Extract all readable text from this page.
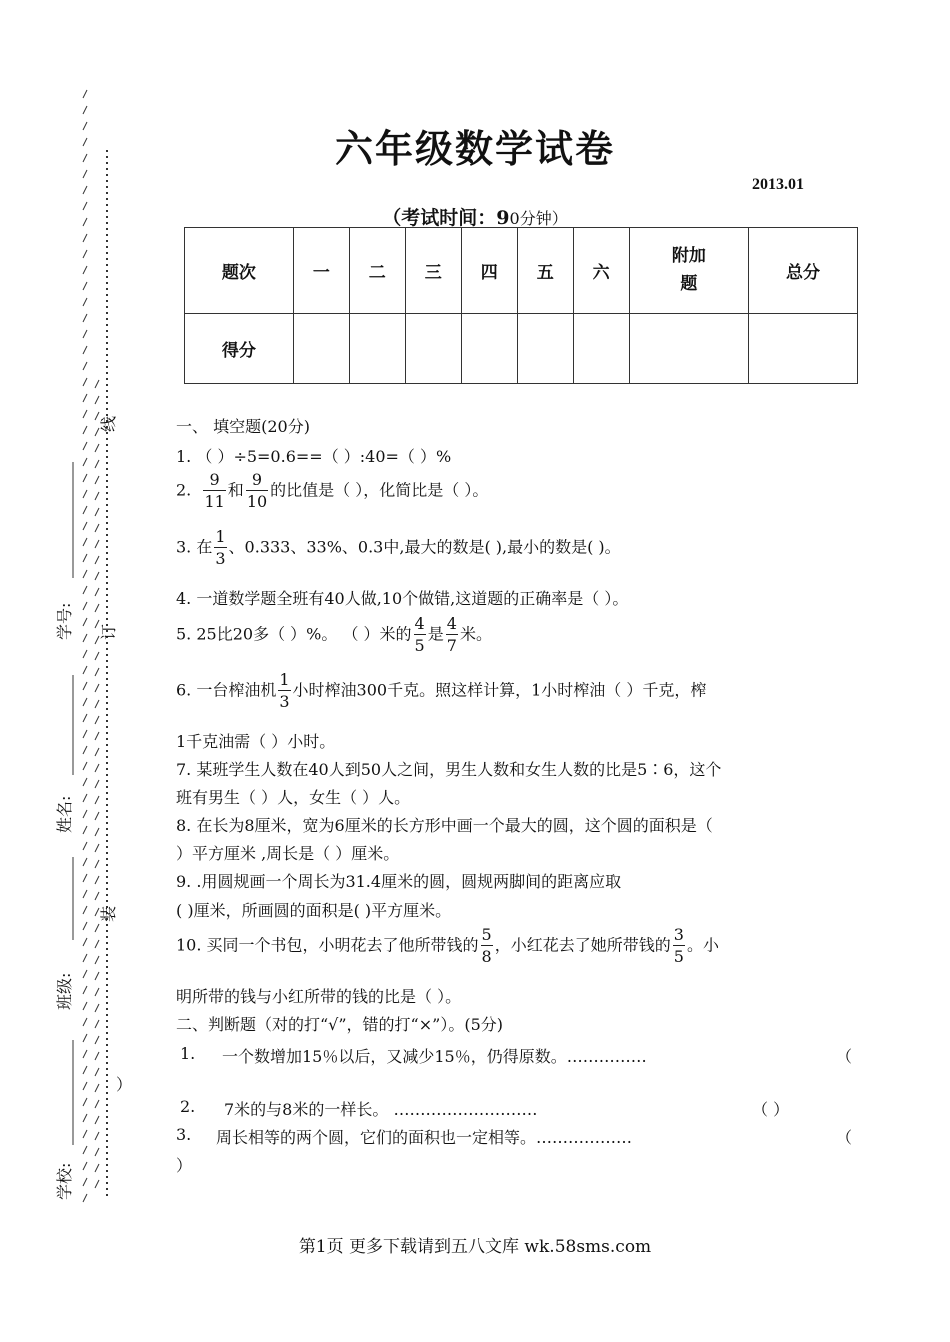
线
订
装
学号:
姓名:
班级:
学校:
六年级数学试卷
2013.01
（考试时间：90分钟）
题次	一	二	三	四	五	六	附加题	总分
得分								
一、 填空题(20分)
1. （ ）÷5=0.6==（ ）:40=（ ）%
2. $\frac{9}{11}$ 和 $\frac{9}{10}$ 的比值是（ ），化简比是（ ）。
3. 在 $\frac{1}{3}$ 、0.333、33%、0.3中,最大的数是( ),最小的数是( )。
4. 一道数学题全班有40人做,10个做错,这道题的正确率是（ ）。
5. 25比20多（ ）%。 （ ）米的 $\frac{4}{5}$ 是 $\frac{4}{7}$ 米。
6. 一台榨油机 $\frac{1}{3}$ 小时榨油300千克。照这样计算，1小时榨油（ ）千克，榨
1千克油需（ ）小时。
7. 某班学生人数在40人到50人之间，男生人数和女生人数的比是5∶6，这个
班有男生（ ）人，女生（ ）人。
8. 在长为8厘米，宽为6厘米的长方形中画一个最大的圆，这个圆的面积是（
）平方厘米 ,周长是（ ）厘米。
9. .用圆规画一个周长为31.4厘米的圆，圆规两脚间的距离应取
( )厘米，所画圆的面积是( )平方厘米。
10. 买同一个书包，小明花去了他所带钱的 $\frac{5}{8}$ ，小红花去了她所带钱的 $\frac{3}{5}$ 。小
明所带的钱与小红所带的钱的比是（ ）。
二、判断题（对的打“√”，错的打“×”）。(5分)
1. 一个数增加15％以后，又减少15％，仍得原数。……………	（
）
2. 7米的与8米的一样长。 ………………………	（ ）
3. 周长相等的两个圆，它们的面积也一定相等。………………	（
）
第1页 更多下载请到五八文库 wk.58sms.com
